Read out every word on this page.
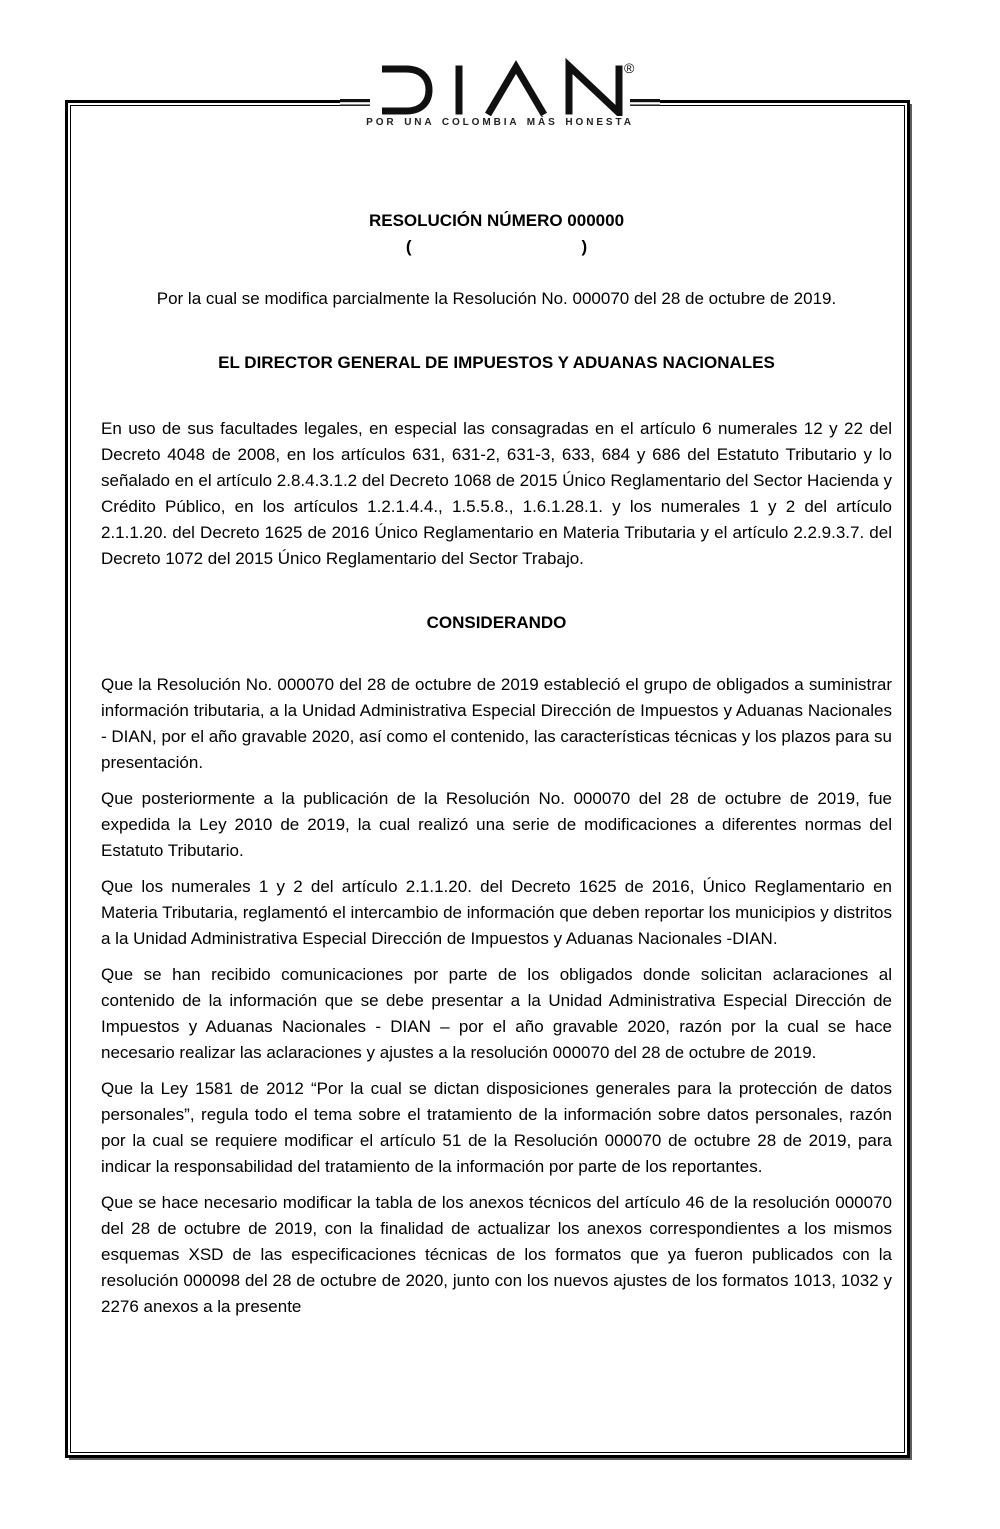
®
POR UNA COLOMBIA MÁS HONESTA
RESOLUCIÓN NÚMERO 000000
(	)

Por la cual se modifica parcialmente la Resolución No. 000070 del 28 de octubre de 2019.

EL DIRECTOR GENERAL DE IMPUESTOS Y ADUANAS NACIONALES

En uso de sus facultades legales, en especial las consagradas en el artículo 6 numerales 12 y 22 del Decreto 4048 de 2008, en los artículos 631, 631-2, 631-3, 633, 684 y 686 del Estatuto Tributario y lo señalado en el artículo 2.8.4.3.1.2 del Decreto 1068 de 2015 Único Reglamentario del Sector Hacienda y Crédito Público, en los artículos 1.2.1.4.4., 1.5.5.8., 1.6.1.28.1. y los numerales 1 y 2 del artículo 2.1.1.20. del Decreto 1625 de 2016 Único Reglamentario en Materia Tributaria y el artículo 2.2.9.3.7. del Decreto 1072 del 2015 Único Reglamentario del Sector Trabajo.

CONSIDERANDO

Que la Resolución No. 000070 del 28 de octubre de 2019 estableció el grupo de obligados a suministrar información tributaria, a la Unidad Administrativa Especial Dirección de Impuestos y Aduanas Nacionales - DIAN, por el año gravable 2020, así como el contenido, las características técnicas y los plazos para su presentación.

Que posteriormente a la publicación de la Resolución No. 000070 del 28 de octubre de 2019, fue expedida la Ley 2010 de 2019, la cual realizó una serie de modificaciones a diferentes normas del Estatuto Tributario.

Que los numerales 1 y 2 del artículo 2.1.1.20. del Decreto 1625 de 2016, Único Reglamentario en Materia Tributaria, reglamentó el intercambio de información que deben reportar los municipios y distritos a la Unidad Administrativa Especial Dirección de Impuestos y Aduanas Nacionales -DIAN.

Que se han recibido comunicaciones por parte de los obligados donde solicitan aclaraciones al contenido de la información que se debe presentar a la Unidad Administrativa Especial Dirección de Impuestos y Aduanas Nacionales - DIAN – por el año gravable 2020, razón por la cual se hace necesario realizar las aclaraciones y ajustes a la resolución 000070 del 28 de octubre de 2019.

Que la Ley 1581 de 2012 “Por la cual se dictan disposiciones generales para la protección de datos personales”, regula todo el tema sobre el tratamiento de la información sobre datos personales, razón por la cual se requiere modificar el artículo 51 de la Resolución 000070 de octubre 28 de 2019, para indicar la responsabilidad del tratamiento de la información por parte de los reportantes.

Que se hace necesario modificar la tabla de los anexos técnicos del artículo 46 de la resolución 000070 del 28 de octubre de 2019, con la finalidad de actualizar los anexos correspondientes a los mismos esquemas XSD de las especificaciones técnicas de los formatos que ya fueron publicados con la resolución 000098 del 28 de octubre de 2020, junto con los nuevos ajustes de los formatos 1013, 1032 y 2276 anexos a la presente
